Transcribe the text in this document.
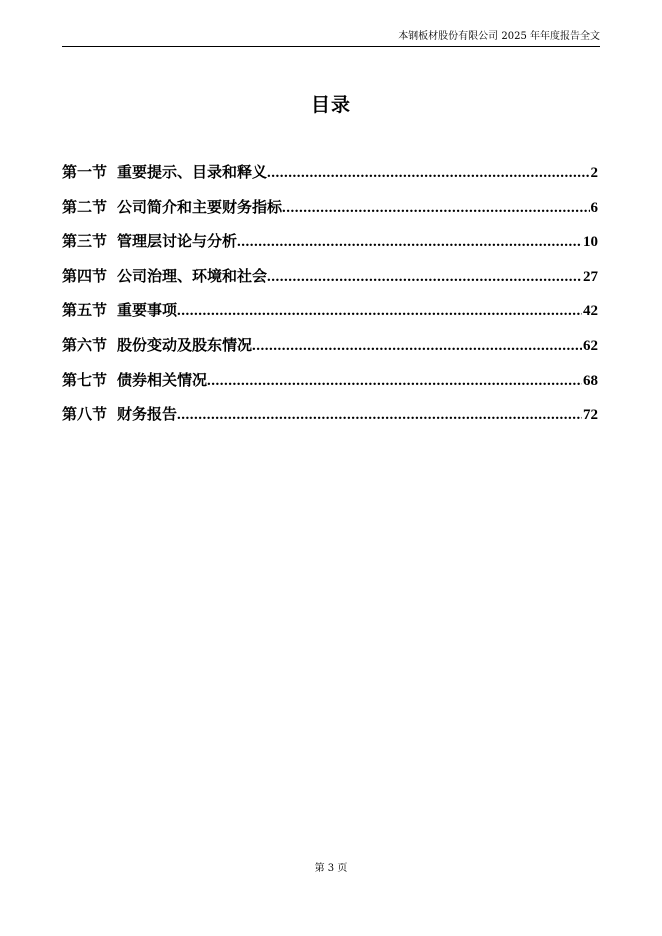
本钢板材股份有限公司 2025 年年度报告全文
目录
第一节 重要提示、目录和释义 .....	2
第二节 公司简介和主要财务指标 .....	6
第三节 管理层讨论与分析 .....	10
第四节 公司治理、环境和社会 .....	27
第五节 重要事项 .....	42
第六节 股份变动及股东情况 .....	62
第七节 债券相关情况 .....	68
第八节 财务报告 .....	72
第 3 页
